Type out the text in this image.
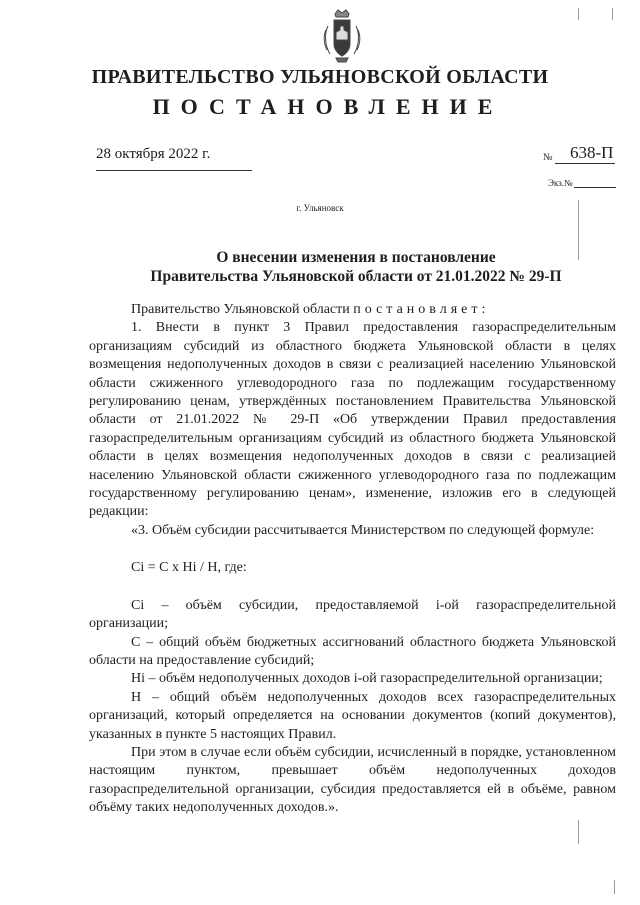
ПРАВИТЕЛЬСТВО УЛЬЯНОВСКОЙ ОБЛАСТИ
ПОСТАНОВЛЕНИЕ
28 октября 2022 г.	№ 638-П
Экз.№
г. Ульяновск
О внесении изменения в постановление
Правительства Ульяновской области от 21.01.2022 № 29-П

Правительство Ульяновской области постановляет:

1. Внести в пункт 3 Правил предоставления газораспределительным организациям субсидий из областного бюджета Ульяновской области в целях возмещения недополученных доходов в связи с реализацией населению Ульяновской области сжиженного углеводородного газа по подлежащим государственному регулированию ценам, утверждённых постановлением Правительства Ульяновской области от 21.01.2022 № 29-П «Об утверждении Правил предоставления газораспределительным организациям субсидий из областного бюджета Ульяновской области в целях возмещения недополученных доходов в связи с реализацией населению Ульяновской области сжиженного углеводородного газа по подлежащим государственному регулированию ценам», изменение, изложив его в следующей редакции:

«3. Объём субсидии рассчитывается Министерством по следующей формуле:

Ci = C x Hi / H, где:

Ci – объём субсидии, предоставляемой i-ой газораспределительной организации;

С – общий объём бюджетных ассигнований областного бюджета Ульяновской области на предоставление субсидий;

Hi – объём недополученных доходов i-ой газораспределительной организации;

Н – общий объём недополученных доходов всех газораспределительных организаций, который определяется на основании документов (копий документов), указанных в пункте 5 настоящих Правил.

При этом в случае если объём субсидии, исчисленный в порядке, установленном настоящим пунктом, превышает объём недополученных доходов газораспределительной организации, субсидия предоставляется ей в объёме, равном объёму таких недополученных доходов.».
